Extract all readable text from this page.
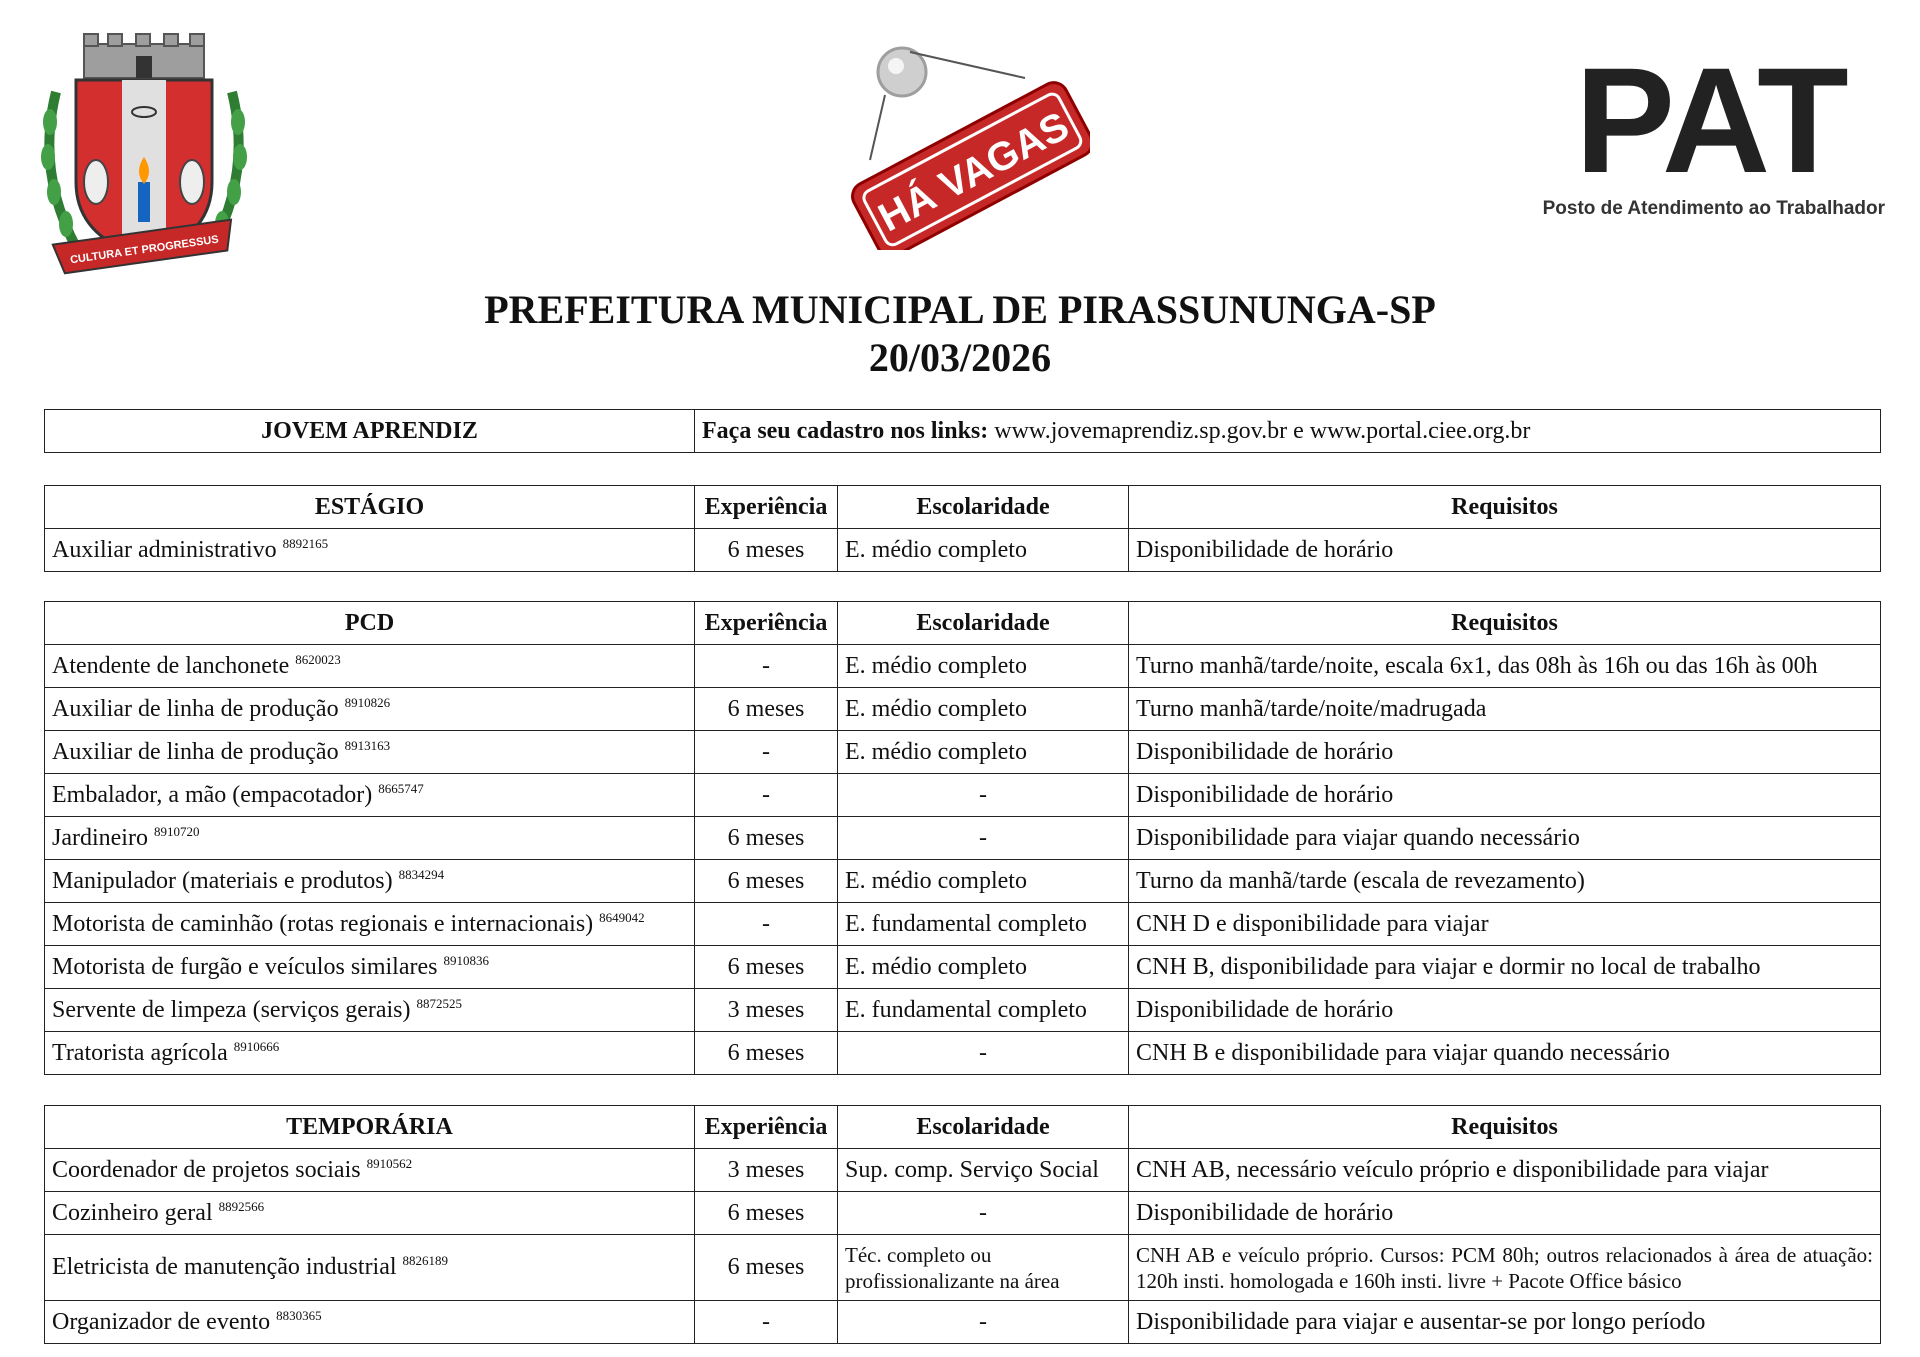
CULTURA ET PROGRESSUS
HÁ VAGAS	PAT
Posto de Atendimento ao Trabalhador
PREFEITURA MUNICIPAL DE PIRASSUNUNGA-SP
20/03/2026
JOVEM APRENDIZ	Faça seu cadastro nos links: www.jovemaprendiz.sp.gov.br e www.portal.ciee.org.br
ESTÁGIO	Experiência	Escolaridade	Requisitos
Auxiliar administrativo $^{8892165}$	6 meses	E. médio completo	Disponibilidade de horário
PCD	Experiência	Escolaridade	Requisitos
Atendente de lanchonete $^{8620023}$	-	E. médio completo	Turno manhã/tarde/noite, escala 6x1, das 08h às 16h ou das 16h às 00h
Auxiliar de linha de produção $^{8910826}$	6 meses	E. médio completo	Turno manhã/tarde/noite/madrugada
Auxiliar de linha de produção $^{8913163}$	-	E. médio completo	Disponibilidade de horário
Embalador, a mão (empacotador) $^{8665747}$	-	-	Disponibilidade de horário
Jardineiro $^{8910720}$	6 meses	-	Disponibilidade para viajar quando necessário
Manipulador (materiais e produtos) $^{8834294}$	6 meses	E. médio completo	Turno da manhã/tarde (escala de revezamento)
Motorista de caminhão (rotas regionais e internacionais) $^{8649042}$	-	E. fundamental completo	CNH D e disponibilidade para viajar
Motorista de furgão e veículos similares $^{8910836}$	6 meses	E. médio completo	CNH B, disponibilidade para viajar e dormir no local de trabalho
Servente de limpeza (serviços gerais) $^{8872525}$	3 meses	E. fundamental completo	Disponibilidade de horário
Tratorista agrícola $^{8910666}$	6 meses	-	CNH B e disponibilidade para viajar quando necessário
TEMPORÁRIA	Experiência	Escolaridade	Requisitos
Coordenador de projetos sociais $^{8910562}$	3 meses	Sup. comp. Serviço Social	CNH AB, necessário veículo próprio e disponibilidade para viajar
Cozinheiro geral $^{8892566}$	6 meses	-	Disponibilidade de horário
Eletricista de manutenção industrial $^{8826189}$	6 meses	Téc. completo ou profissionalizante na área	CNH AB e veículo próprio. Cursos: PCM 80h; outros relacionados à área de atuação: 120h insti. homologada e 160h insti. livre + Pacote Office básico
Organizador de evento $^{8830365}$	-	-	Disponibilidade para viajar e ausentar-se por longo período
